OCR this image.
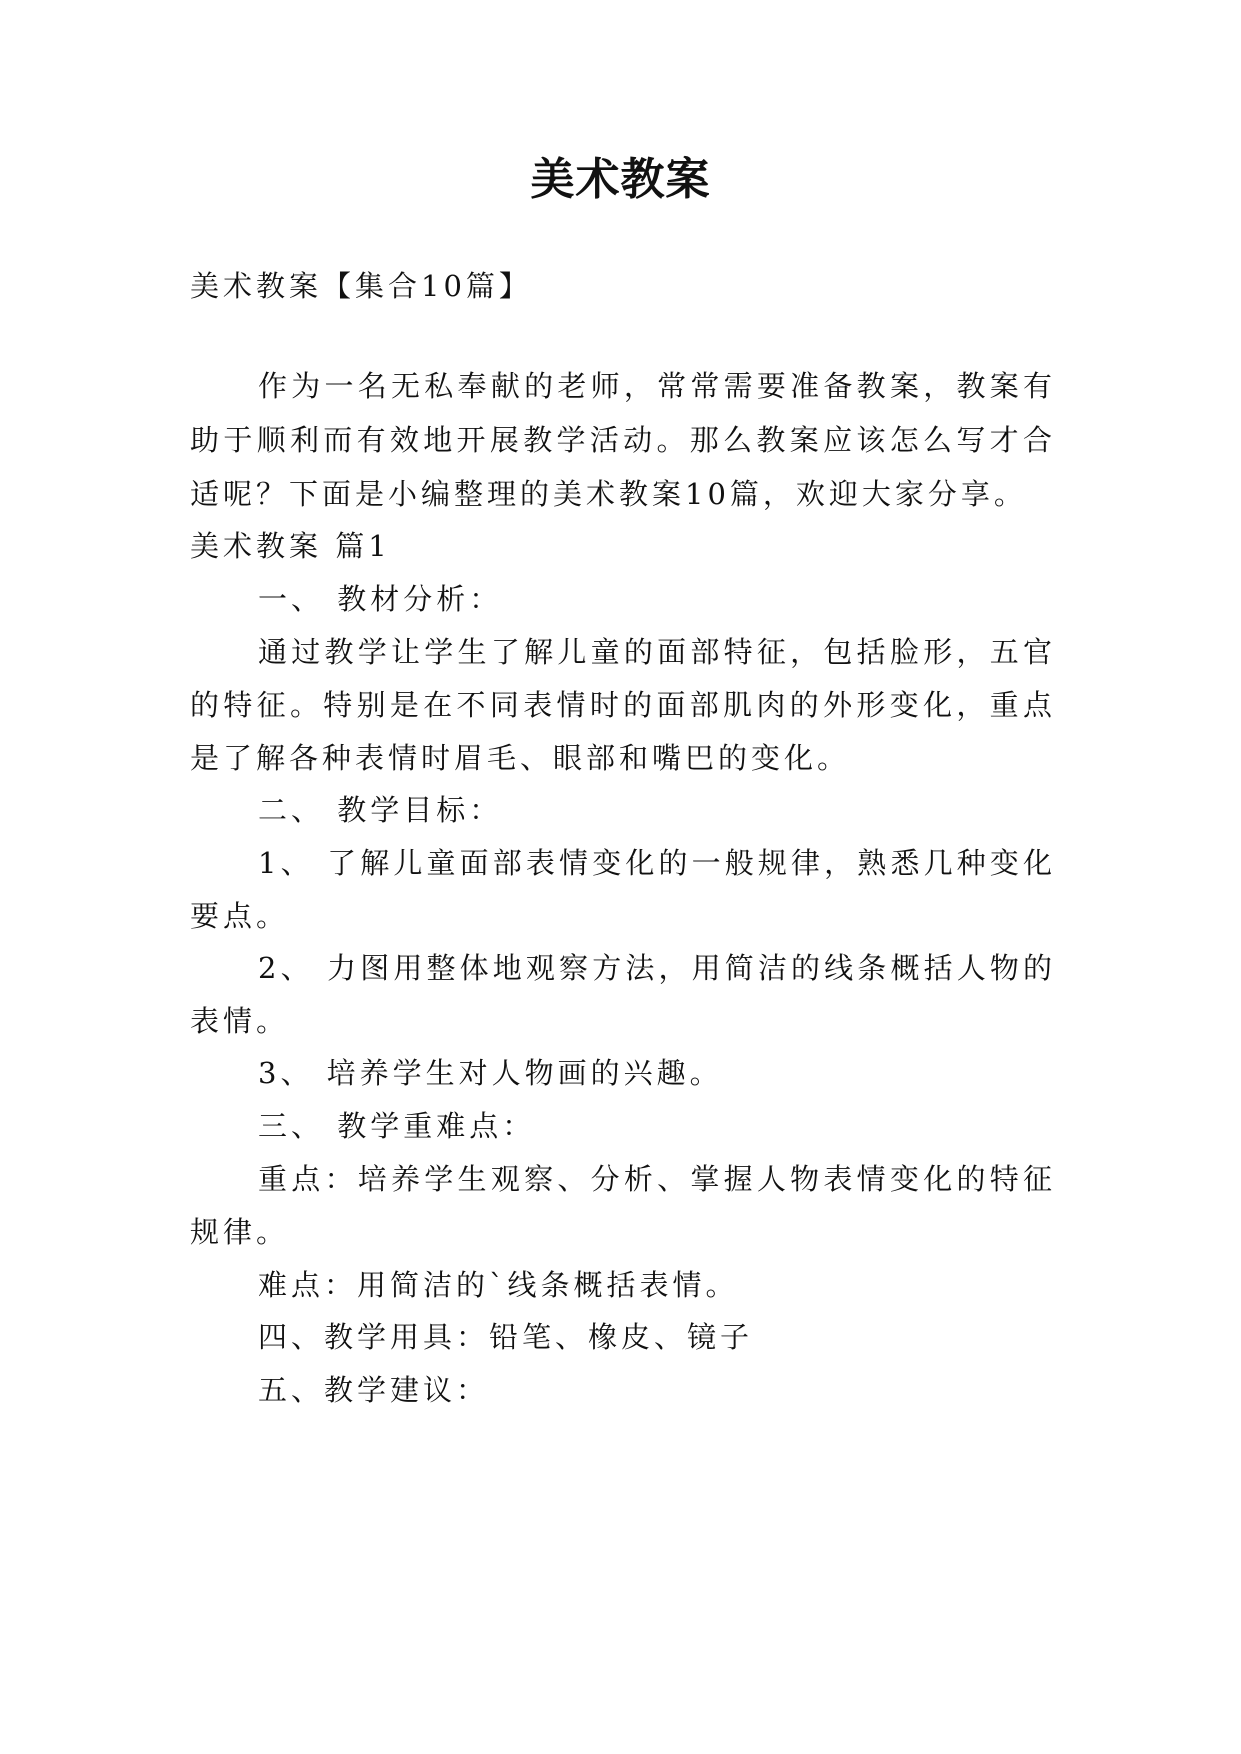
美术教案

美术教案【集合10篇】

作为一名无私奉献的老师，常常需要准备教案，教案有

助于顺利而有效地开展教学活动。那么教案应该怎么写才合

适呢？下面是小编整理的美术教案10篇，欢迎大家分享。

美术教案 篇1

一、 教材分析：

通过教学让学生了解儿童的面部特征，包括脸形，五官

的特征。特别是在不同表情时的面部肌肉的外形变化，重点

是了解各种表情时眉毛、眼部和嘴巴的变化。

二、 教学目标：

1、 了解儿童面部表情变化的一般规律，熟悉几种变化

要点。

2、 力图用整体地观察方法，用简洁的线条概括人物的

表情。

3、 培养学生对人物画的兴趣。

三、 教学重难点：

重点：培养学生观察、分析、掌握人物表情变化的特征

规律。

难点：用简洁的`线条概括表情。

四、教学用具：铅笔、橡皮、镜子

五、教学建议：
